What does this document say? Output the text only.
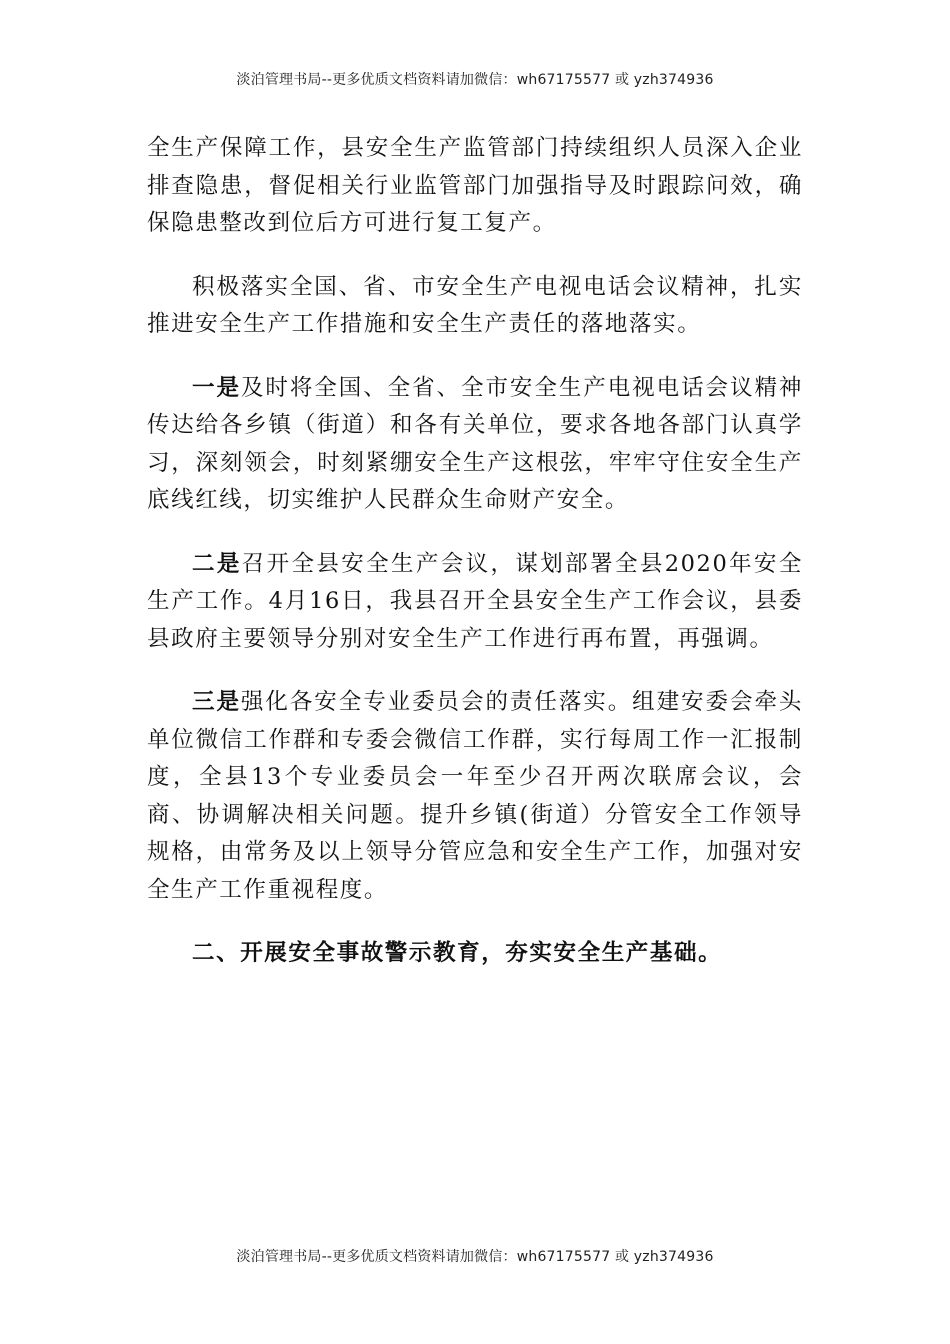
淡泊管理书局--更多优质文档资料请加微信：wh67175577 或 yzh374936

全生产保障工作，县安全生产监管部门持续组织人员深入企业排查隐患，督促相关行业监管部门加强指导及时跟踪问效，确保隐患整改到位后方可进行复工复产。

积极落实全国、省、市安全生产电视电话会议精神，扎实推进安全生产工作措施和安全生产责任的落地落实。

一是及时将全国、全省、全市安全生产电视电话会议精神传达给各乡镇（街道）和各有关单位，要求各地各部门认真学习，深刻领会，时刻紧绷安全生产这根弦，牢牢守住安全生产底线红线，切实维护人民群众生命财产安全。

二是召开全县安全生产会议，谋划部署全县2020年安全生产工作。4月16日，我县召开全县安全生产工作会议，县委县政府主要领导分别对安全生产工作进行再布置，再强调。

三是强化各安全专业委员会的责任落实。组建安委会牵头单位微信工作群和专委会微信工作群，实行每周工作一汇报制度，全县13个专业委员会一年至少召开两次联席会议，会商、协调解决相关问题。提升乡镇(街道）分管安全工作领导规格，由常务及以上领导分管应急和安全生产工作，加强对安全生产工作重视程度。

二、开展安全事故警示教育，夯实安全生产基础。

淡泊管理书局--更多优质文档资料请加微信：wh67175577 或 yzh374936
